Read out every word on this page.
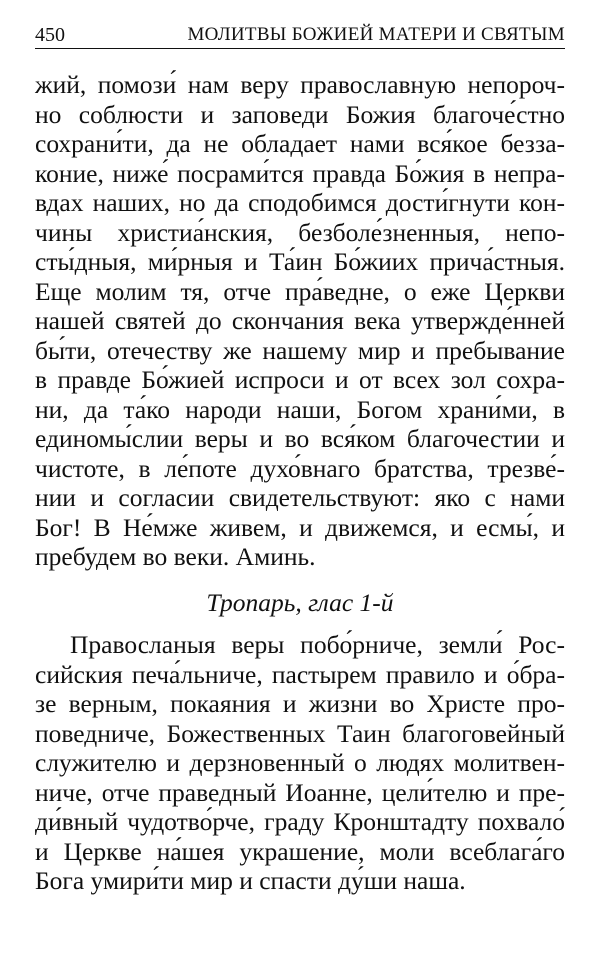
450	МОЛИТВЫ БОЖИЕЙ МАТЕРИ И СВЯТЫМ
жий, помози́ нам веру православную непороч-
но соблюсти и заповеди Божия благоче́стно
сохрани́ти, да не обладает нами вся́кое безза-
коние, ниже́ посрами́тся правда Бо́жия в непра-
вдах наших, но да сподобимся дости́гнути кон-
чины христиа́нския, безболе́зненныя, непо-
сты́дныя, ми́рныя и Та́ин Бо́жиих прича́стныя.
Еще молим тя, отче пра́ведне, о еже Церкви
нашей святей до скончания века утвержде́нней
бы́ти, отечеству же нашему мир и пребывание
в правде Бо́жией испроси и от всех зол сохра-
ни, да та́ко народи наши, Богом храни́ми, в
единомы́слии веры и во вся́ком благочестии и
чистоте, в ле́поте духо́внаго братства, трезве́-
нии и согласии свидетельствуют: яко с нами
Бог! В Не́мже живем, и движемся, и есмы́, и
пребудем во веки. Аминь.
Тропарь, глас 1-й
Правосланыя веры побо́рниче, земли́ Рос-
сийския печа́льниче, пастырем правило и о́бра-
зе верным, покаяния и жизни во Христе про-
поведниче, Божественных Таин благоговейный
служителю и дерзновенный о людях молитвен-
ниче, отче праведный Иоанне, цели́телю и пре-
ди́вный чудотво́рче, граду Кронштадту похвало́
и Церкве на́шея украшение, моли всеблага́го
Бога умири́ти мир и спасти ду́ши наша.
